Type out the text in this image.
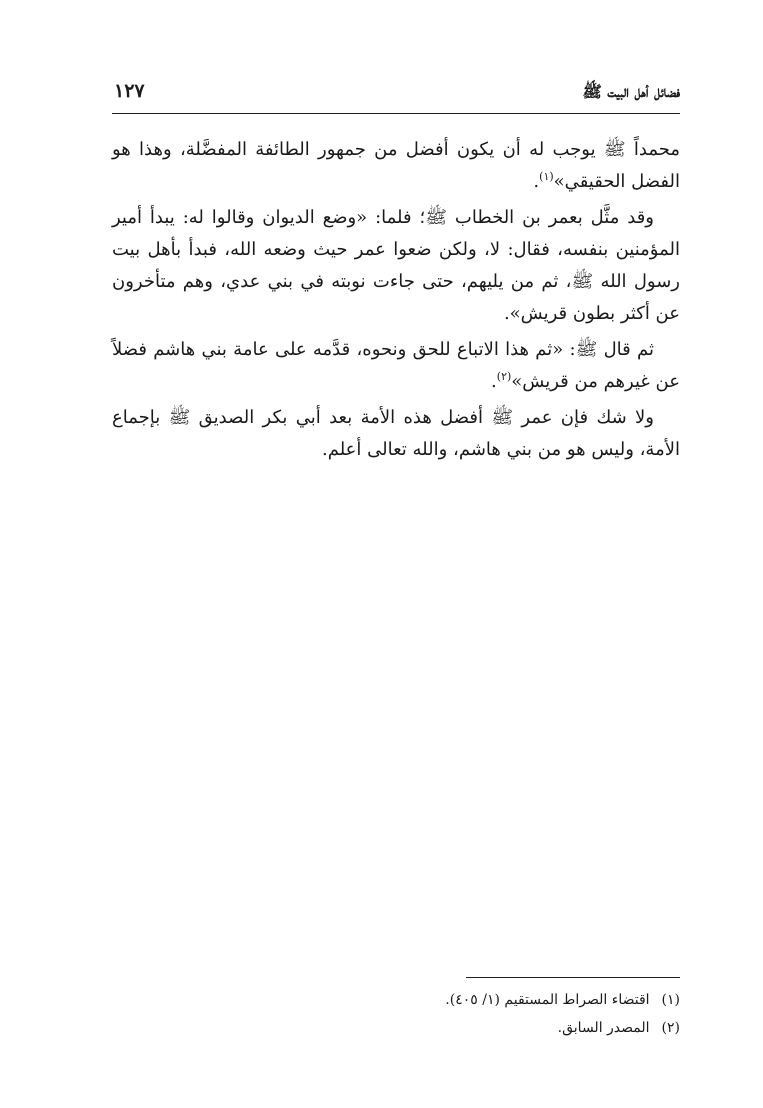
فضائل أهل البيت ﷺ
١٢٧

محمداً ﷺ يوجب له أن يكون أفضل من جمهور الطائفة المفضَّلة، وهذا هو الفضل الحقيقي»$^{(١)}$.

وقد مثَّل بعمر بن الخطاب ﷺ؛ فلما: «وضع الديوان وقالوا له: يبدأ أمير المؤمنين بنفسه، فقال: لا، ولكن ضعوا عمر حيث وضعه الله، فبدأ بأهل بيت رسول الله ﷺ، ثم من يليهم، حتى جاءت نوبته في بني عدي، وهم متأخرون عن أكثر بطون قريش».

ثم قال ﷺ: «ثم هذا الاتباع للحق ونحوه، قدَّمه على عامة بني هاشم فضلاً عن غيرهم من قريش»$^{(٢)}$.

ولا شك فإن عمر ﷺ أفضل هذه الأمة بعد أبي بكر الصديق ﷺ بإجماع الأمة، وليس هو من بني هاشم، والله تعالى أعلم.

(١) اقتضاء الصراط المستقيم (١/ ٤٠٥).
(٢) المصدر السابق.
